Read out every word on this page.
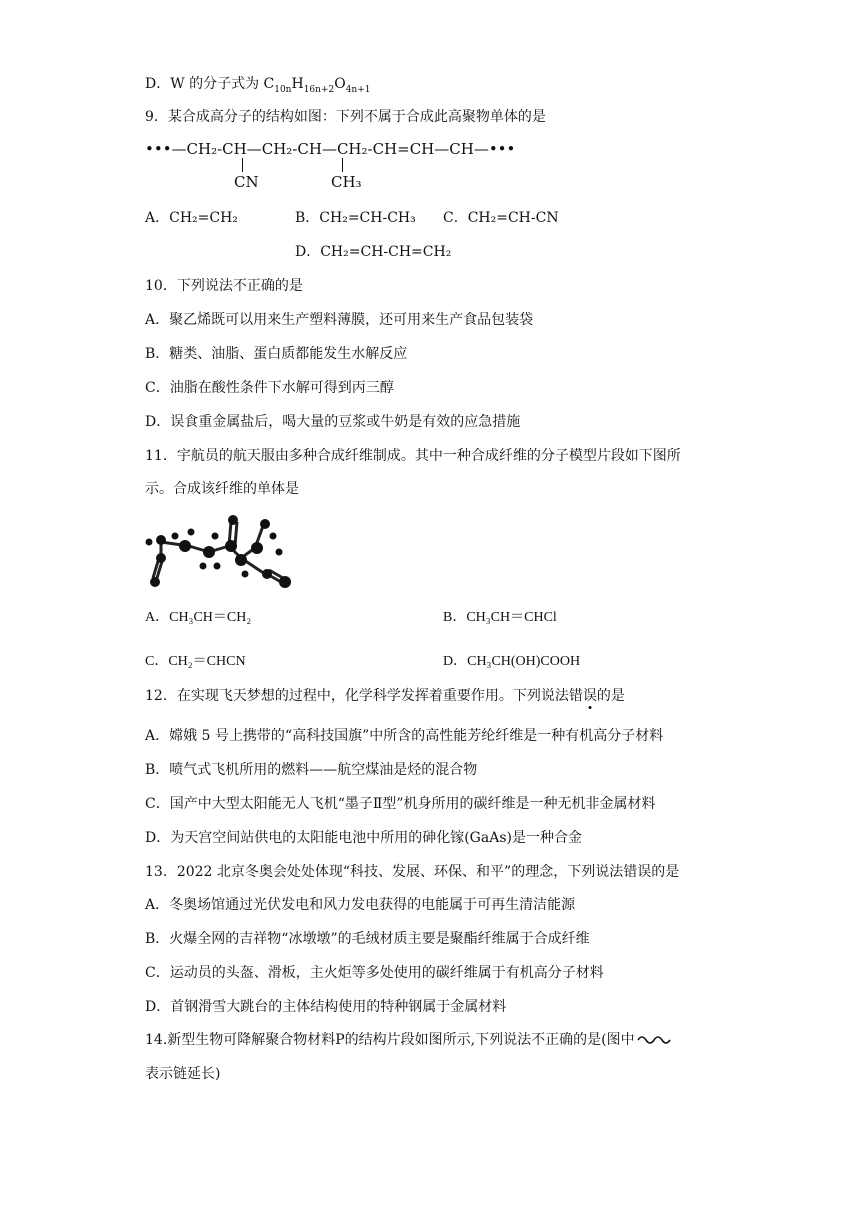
D．W 的分子式为 $C_{10n}H_{16n+2}O_{4n+1}$
9．某合成高分子的结构如图：下列不属于合成此高聚物单体的是
•••—CH₂-CH—CH₂-CH—CH₂-CH=CH—CH—•••
CN	CH₃
A．CH₂=CH₂	B．CH₂=CH-CH₃ C．CH₂=CH-CN
D．CH₂=CH-CH=CH₂
10．下列说法不正确的是
A．聚乙烯既可以用来生产塑料薄膜，还可用来生产食品包装袋
B．糖类、油脂、蛋白质都能发生水解反应
C．油脂在酸性条件下水解可得到丙三醇
D．误食重金属盐后，喝大量的豆浆或牛奶是有效的应急措施
11．宇航员的航天服由多种合成纤维制成。其中一种合成纤维的分子模型片段如下图所
示。合成该纤维的单体是
A．CH₃CH＝CH₂	B．CH₃CH＝CHCl
C．CH₂＝CHCN	D．CH₃CH(OH)COOH
12．在实现飞天梦想的过程中，化学科学发挥着重要作用。下列说法错误的是
A．嫦娥 5 号上携带的“高科技国旗”中所含的高性能芳纶纤维是一种有机高分子材料
B．喷气式飞机所用的燃料——航空煤油是烃的混合物
C．国产中大型太阳能无人飞机“墨子Ⅱ型”机身所用的碳纤维是一种无机非金属材料
D．为天宫空间站供电的太阳能电池中所用的砷化镓(GaAs)是一种合金
13．2022 北京冬奥会处处体现“科技、发展、环保、和平”的理念，下列说法错误的是
A．冬奥场馆通过光伏发电和风力发电获得的电能属于可再生清洁能源
B．火爆全网的吉祥物“冰墩墩”的毛绒材质主要是聚酯纤维属于合成纤维
C．运动员的头盔、滑板，主火炬等多处使用的碳纤维属于有机高分子材料
D．首钢滑雪大跳台的主体结构使用的特种钢属于金属材料
14.新型生物可降解聚合物材料P的结构片段如图所示,下列说法不正确的是(图中
表示链延长)
